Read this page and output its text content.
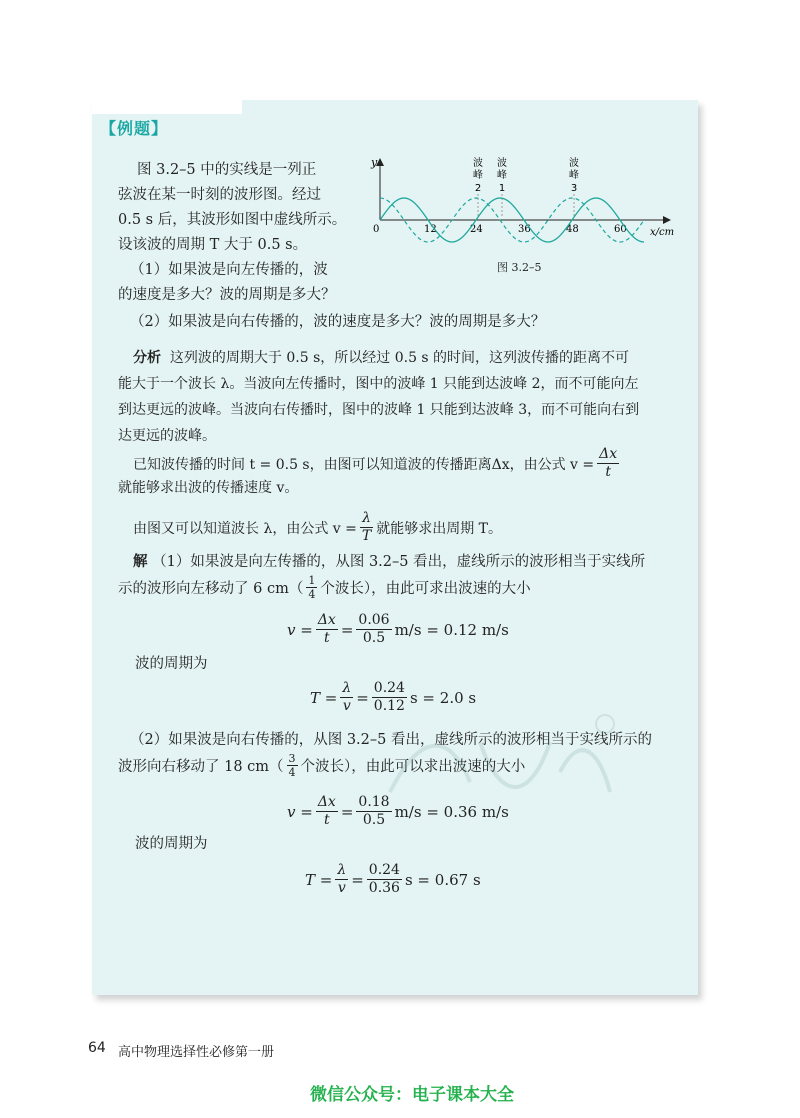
【例题】
图 3.2–5 中的实线是一列正
弦波在某一时刻的波形图。经过
0.5 s 后，其波形如图中虚线所示。
设该波的周期 T 大于 0.5 s。
（1）如果波是向左传播的，波
的速度是多大？波的周期是多大？
（2）如果波是向右传播的，波的速度是多大？波的周期是多大？
y
x/cm
0	12	24	36	48	60
波
峰
2
波
峰
1
波
峰
3
图 3.2–5
分析 这列波的周期大于 0.5 s，所以经过 0.5 s 的时间，这列波传播的距离不可
能大于一个波长 λ。当波向左传播时，图中的波峰 1 只能到达波峰 2，而不可能向左
到达更远的波峰。当波向右传播时，图中的波峰 1 只能到达波峰 3，而不可能向右到
达更远的波峰。
已知波传播的时间 t = 0.5 s，由图可以知道波的传播距离Δx，由公式 $v = \frac{\Delta x}{t}$
就能够求出波的传播速度 v。
由图又可以知道波长 λ，由公式 $v = \frac{\lambda}{T}$ 就能够求出周期 T。
解 （1）如果波是向左传播的，从图 3.2–5 看出，虚线所示的波形相当于实线所
示的波形向左移动了 6 $cm( \frac{1}{4}$ 个波长），由此可求出波速的大小
$v = \frac{\Delta x}{t} = \frac{0.06}{0.5} m/s = 0.12$ m/s
波的周期为
$T = \frac{\lambda}{v} = \frac{0.24}{0.12}$ s = 2.0 s
（2）如果波是向右传播的，从图 3.2–5 看出，虚线所示的波形相当于实线所示的
波形向右移动了 18 $cm( \frac{3}{4}$ 个波长），由此可以求出波速的大小
$v = \frac{\Delta x}{t} = \frac{0.18}{0.5} m/s = 0.36$ m/s
波的周期为
$T = \frac{\lambda}{v} = \frac{0.24}{0.36}$ s = 0.67 s
64 高中物理选择性必修第一册
微信公众号：电子课本大全
